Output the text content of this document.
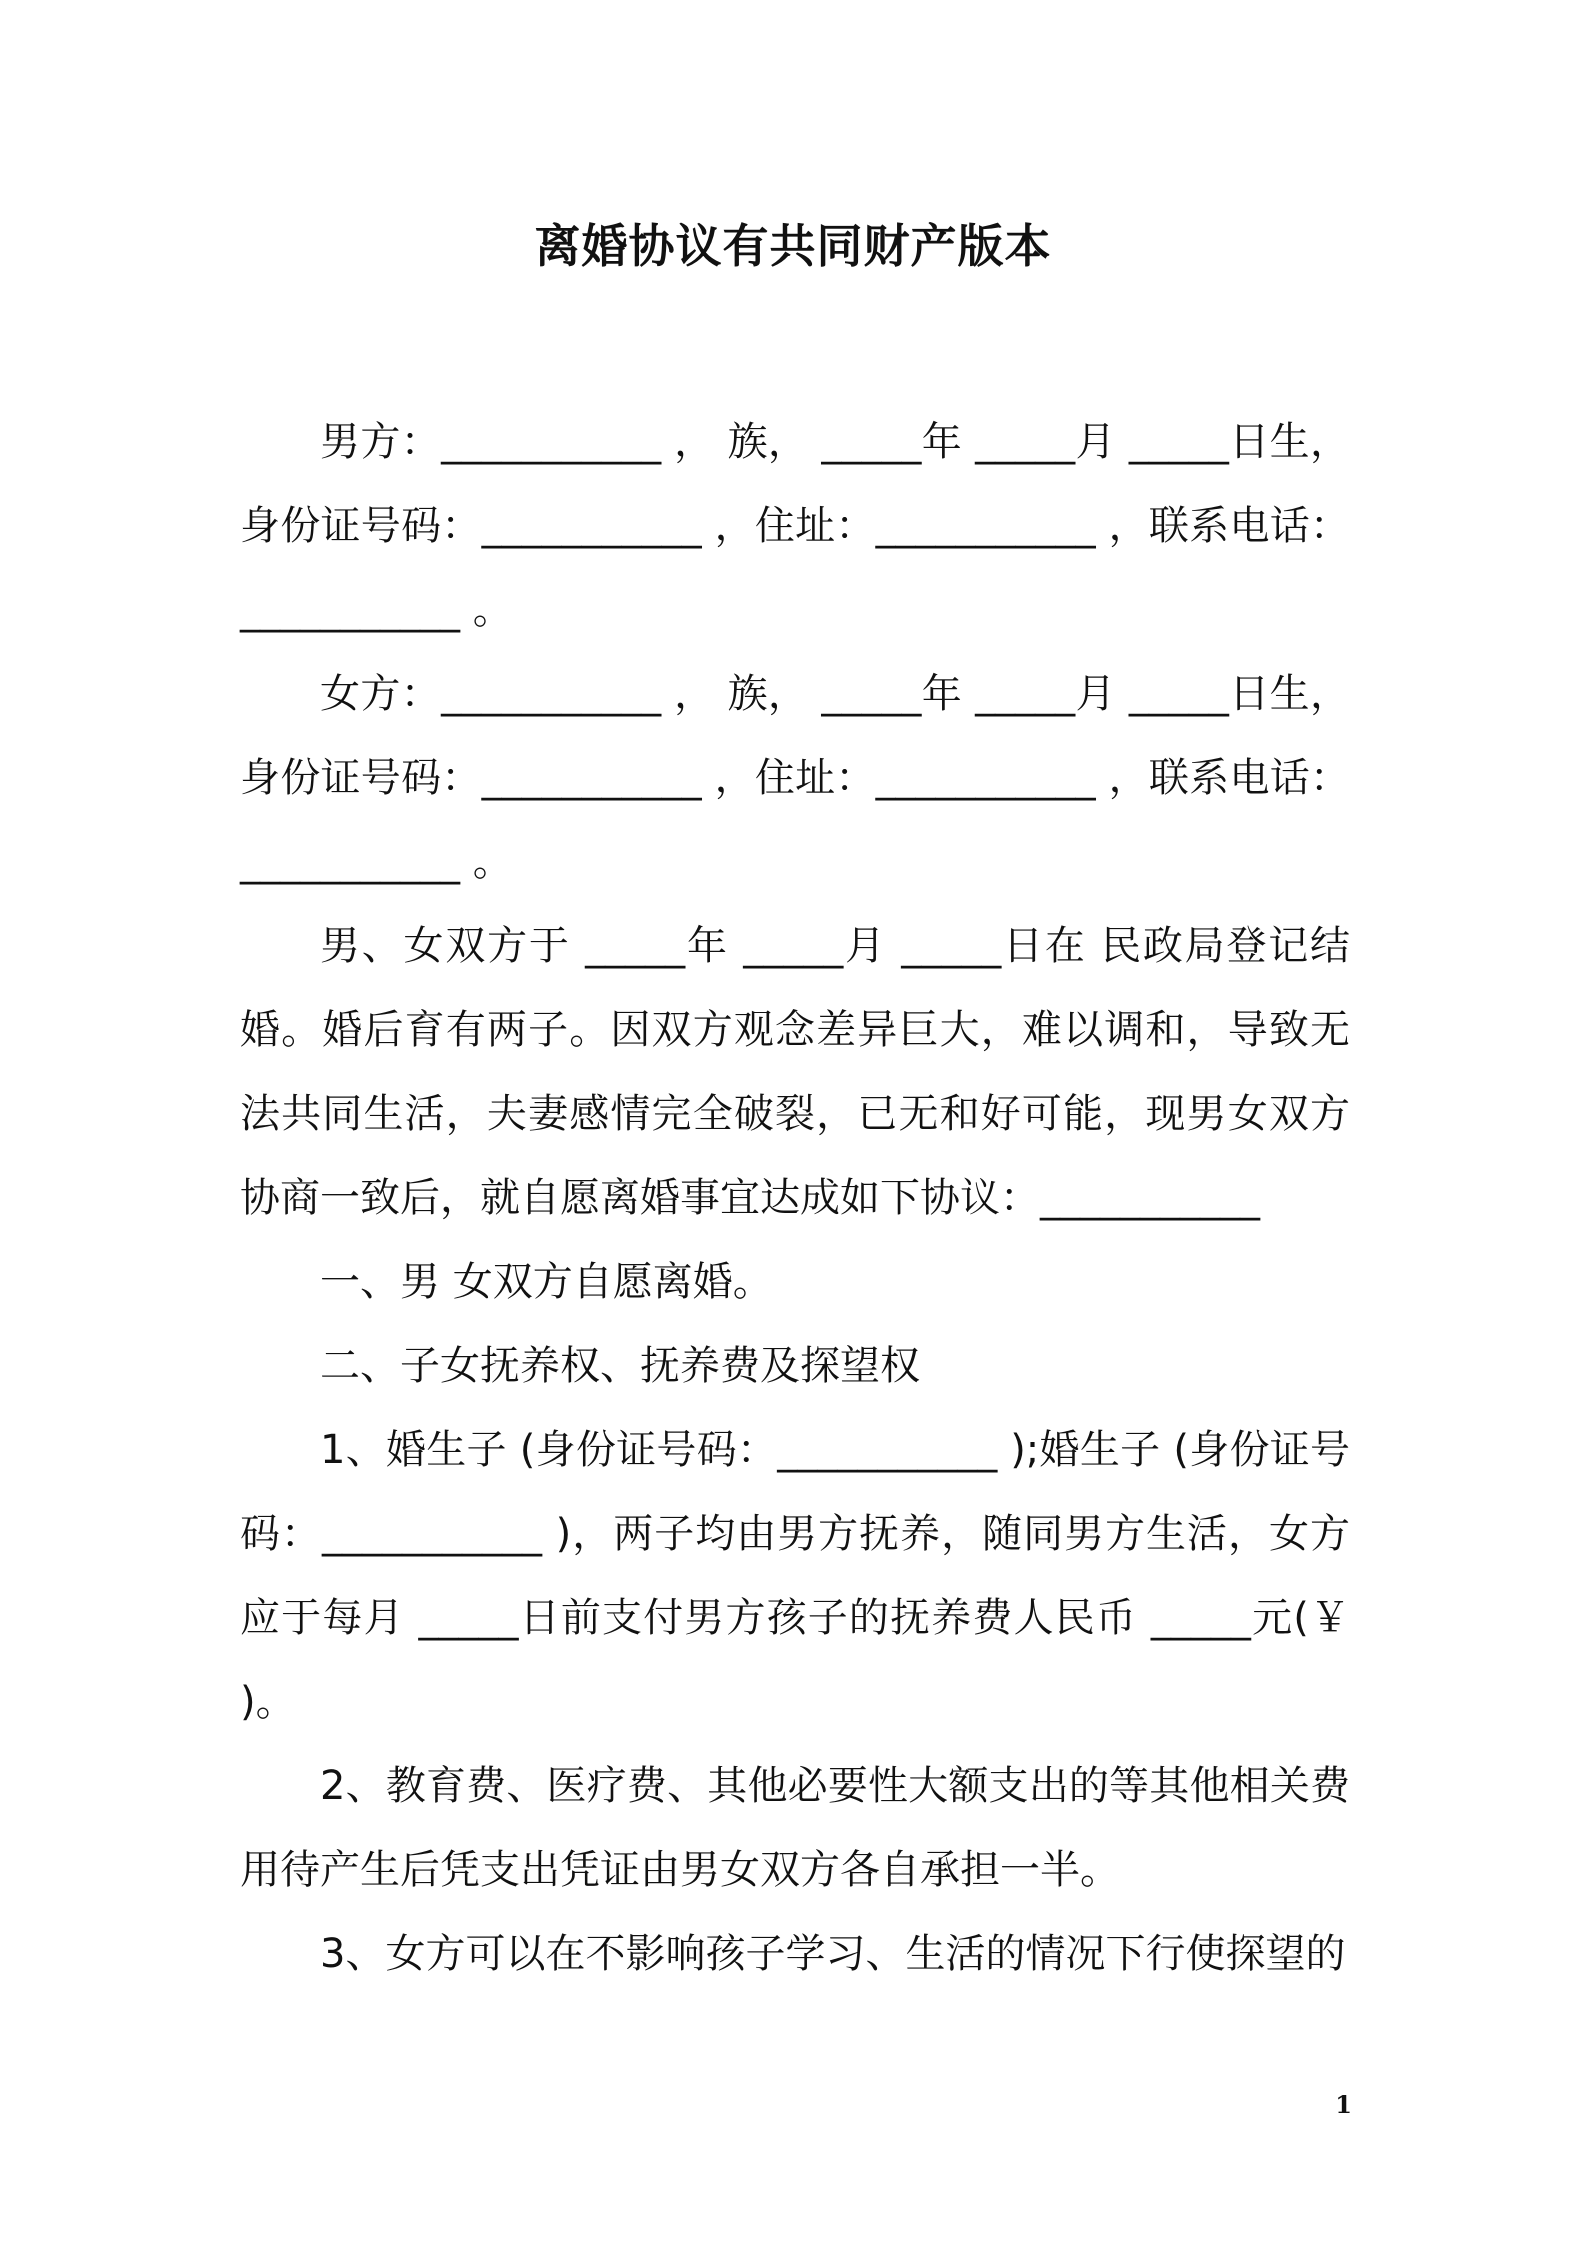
离婚协议有共同财产版本

男方：___________ ， 族， _____年 _____月 _____日生，身份证号码：___________ ，住址：___________ ，联系电话：___________ 。

女方：___________ ， 族， _____年 _____月 _____日生，身份证号码：___________ ，住址：___________ ，联系电话：___________ 。

男、女双方于 _____年 _____月 _____日在 民政局登记结婚。婚后育有两子。因双方观念差异巨大，难以调和，导致无法共同生活，夫妻感情完全破裂，已无和好可能，现男女双方协商一致后，就自愿离婚事宜达成如下协议：___________

一、男 女双方自愿离婚。

二、子女抚养权、抚养费及探望权

1、婚生子 (身份证号码：___________ );婚生子 (身份证号码：___________ )，两子均由男方抚养，随同男方生活，女方应于每月 _____日前支付男方孩子的抚养费人民币 _____元(￥ )。

2、教育费、医疗费、其他必要性大额支出的等其他相关费用待产生后凭支出凭证由男女双方各自承担一半。

3、女方可以在不影响孩子学习、生活的情况下行使探望的

1
